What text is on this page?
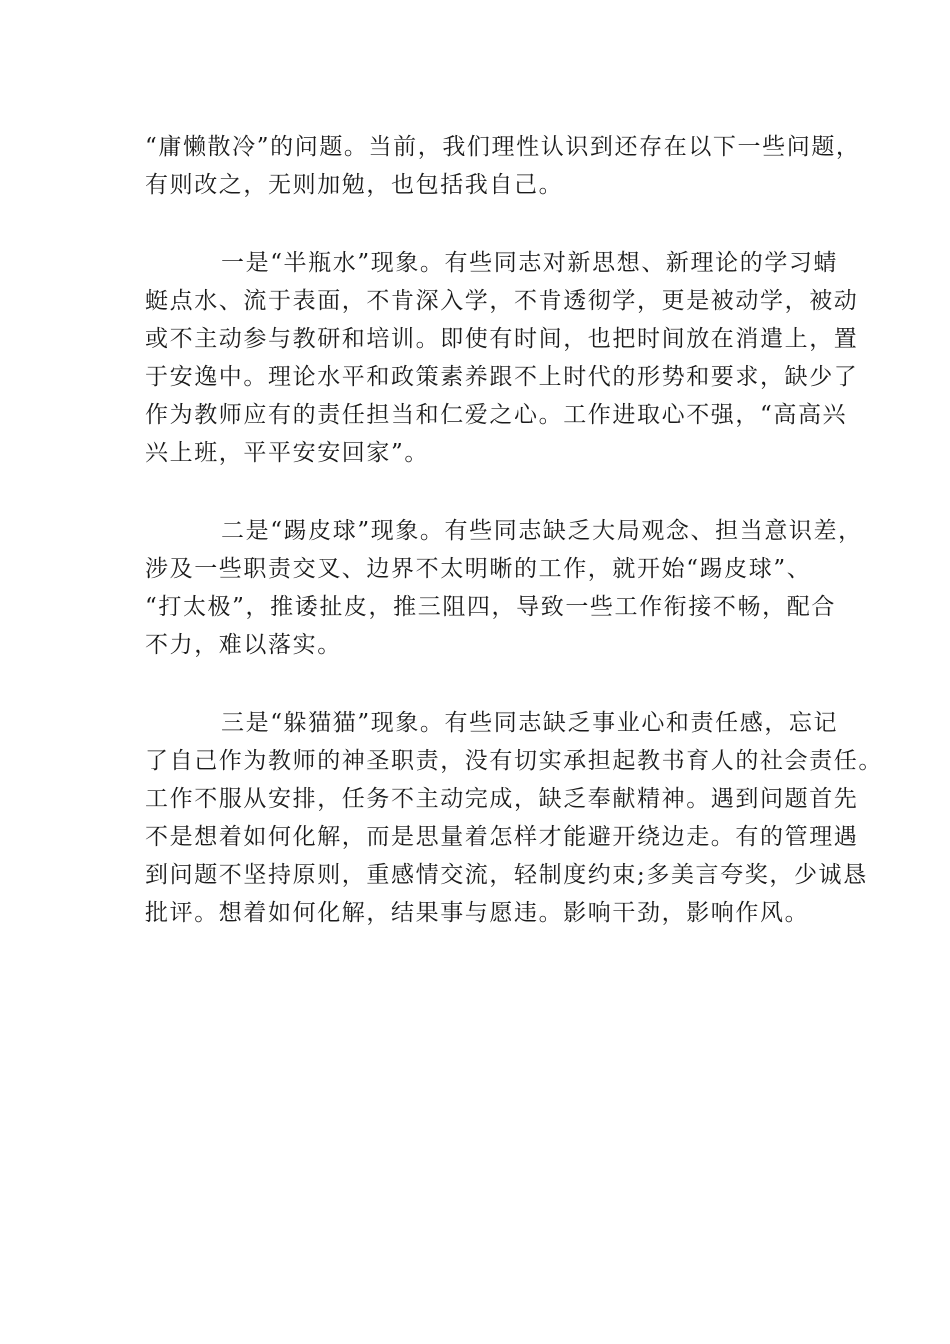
“庸懒散冷”的问题。当前，我们理性认识到还存在以下一些问题，
有则改之，无则加勉，也包括我自己。

一是“半瓶水”现象。有些同志对新思想、新理论的学习蜻
蜓点水、流于表面，不肯深入学，不肯透彻学，更是被动学，被动
或不主动参与教研和培训。即使有时间，也把时间放在消遣上，置
于安逸中。理论水平和政策素养跟不上时代的形势和要求，缺少了
作为教师应有的责任担当和仁爱之心。工作进取心不强，“高高兴
兴上班，平平安安回家”。

二是“踢皮球”现象。有些同志缺乏大局观念、担当意识差，
涉及一些职责交叉、边界不太明晰的工作，就开始“踢皮球”、
“打太极”，推诿扯皮，推三阻四，导致一些工作衔接不畅，配合
不力，难以落实。

三是“躲猫猫”现象。有些同志缺乏事业心和责任感，忘记
了自己作为教师的神圣职责，没有切实承担起教书育人的社会责任。
工作不服从安排，任务不主动完成，缺乏奉献精神。遇到问题首先
不是想着如何化解，而是思量着怎样才能避开绕边走。有的管理遇
到问题不坚持原则，重感情交流，轻制度约束;多美言夸奖，少诚恳
批评。想着如何化解，结果事与愿违。影响干劲，影响作风。
